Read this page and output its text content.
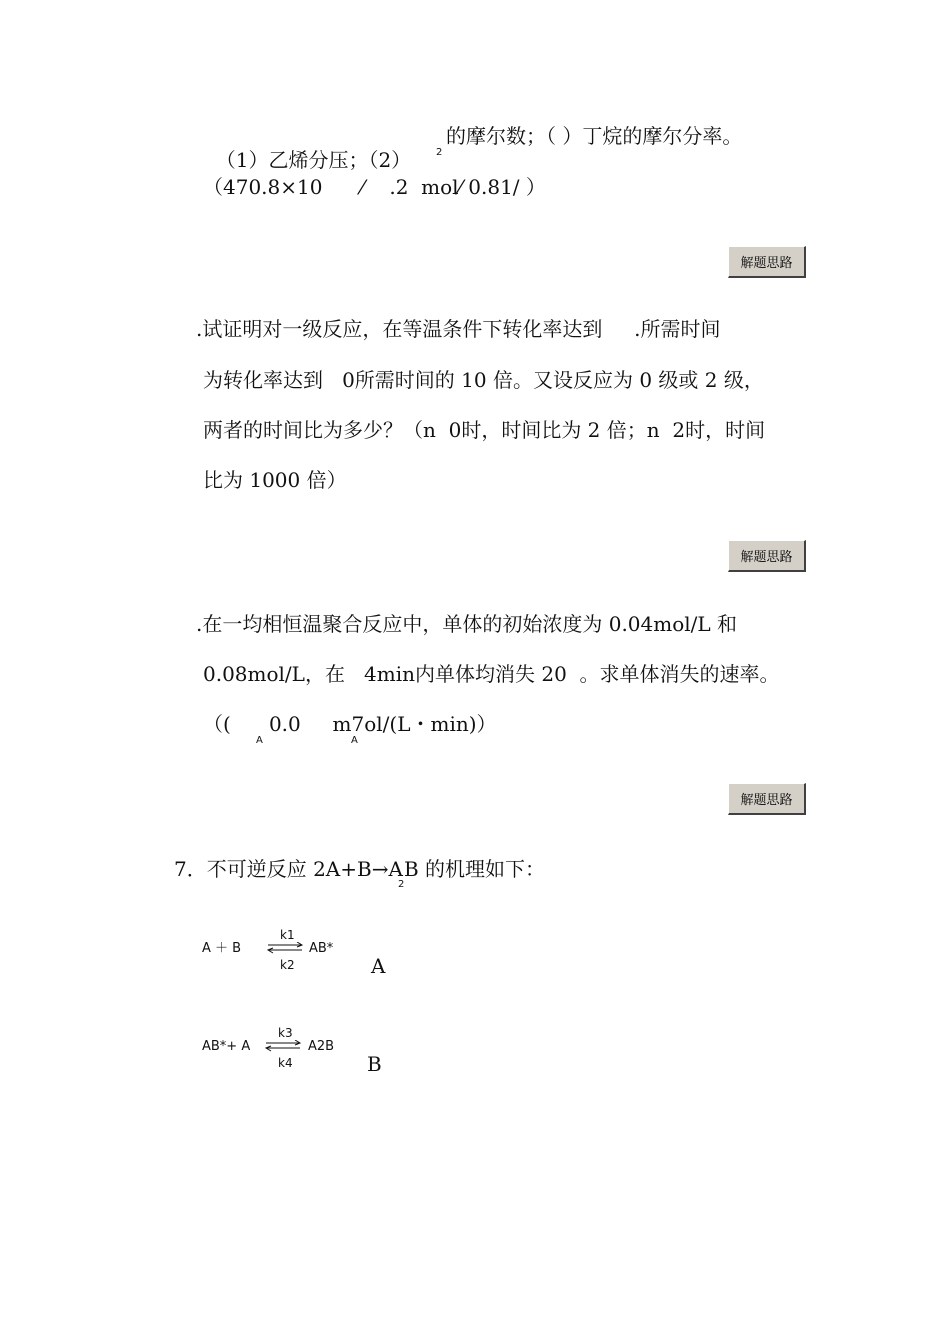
（1）乙烯分压；（2） 2
的摩尔数；（ ）丁烷的摩尔分率。
（470.8×10      ⁄    .2  mol⁄ 0.81/ ）
解题思路
.试证明对一级反应，在等温条件下转化率达到     .所需时间
为转化率达到   0所需时间的 10 倍。又设反应为 0 级或 2 级，
两者的时间比为多少？（n  0时，时间比为 2 倍；n  2时，时间
比为 1000 倍）
解题思路
.在一均相恒温聚合反应中，单体的初始浓度为 0.04mol/L 和
0.08mol/L，在   4min内单体均消失 20  。求单体消失的速率。
（(      0.0     m7ol/(L・min)）
A	A
解题思路
7．不可逆反应 2A+B→A
2
B 的机理如下：
A ＋ B
k1
k2
AB*
A
AB*+ A
k3
k4
A2B
B
